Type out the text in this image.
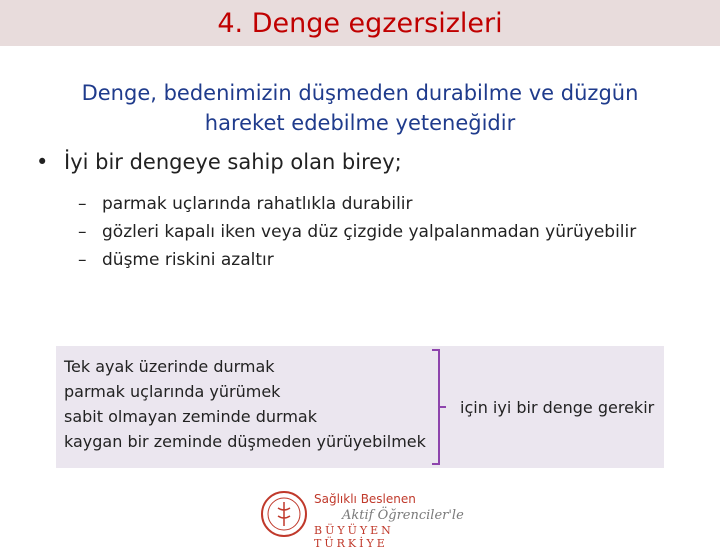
4. Denge egzersizleri
Denge, bedenimizin düşmeden durabilme ve düzgün
hareket edebilme yeteneğidir
• İyi bir dengeye sahip olan birey;
– parmak uçlarında rahatlıkla durabilir
– gözleri kapalı iken veya düz çizgide yalpalanmadan yürüyebilir
– düşme riskini azaltır
Tek ayak üzerinde durmak
parmak uçlarında yürümek
sabit olmayan zeminde durmak
kaygan bir zeminde düşmeden yürüyebilmek
için iyi bir denge gerekir
Sağlıklı Beslenen
Aktif Öğrenciler'le
BÜYÜYEN TÜRKİYE
